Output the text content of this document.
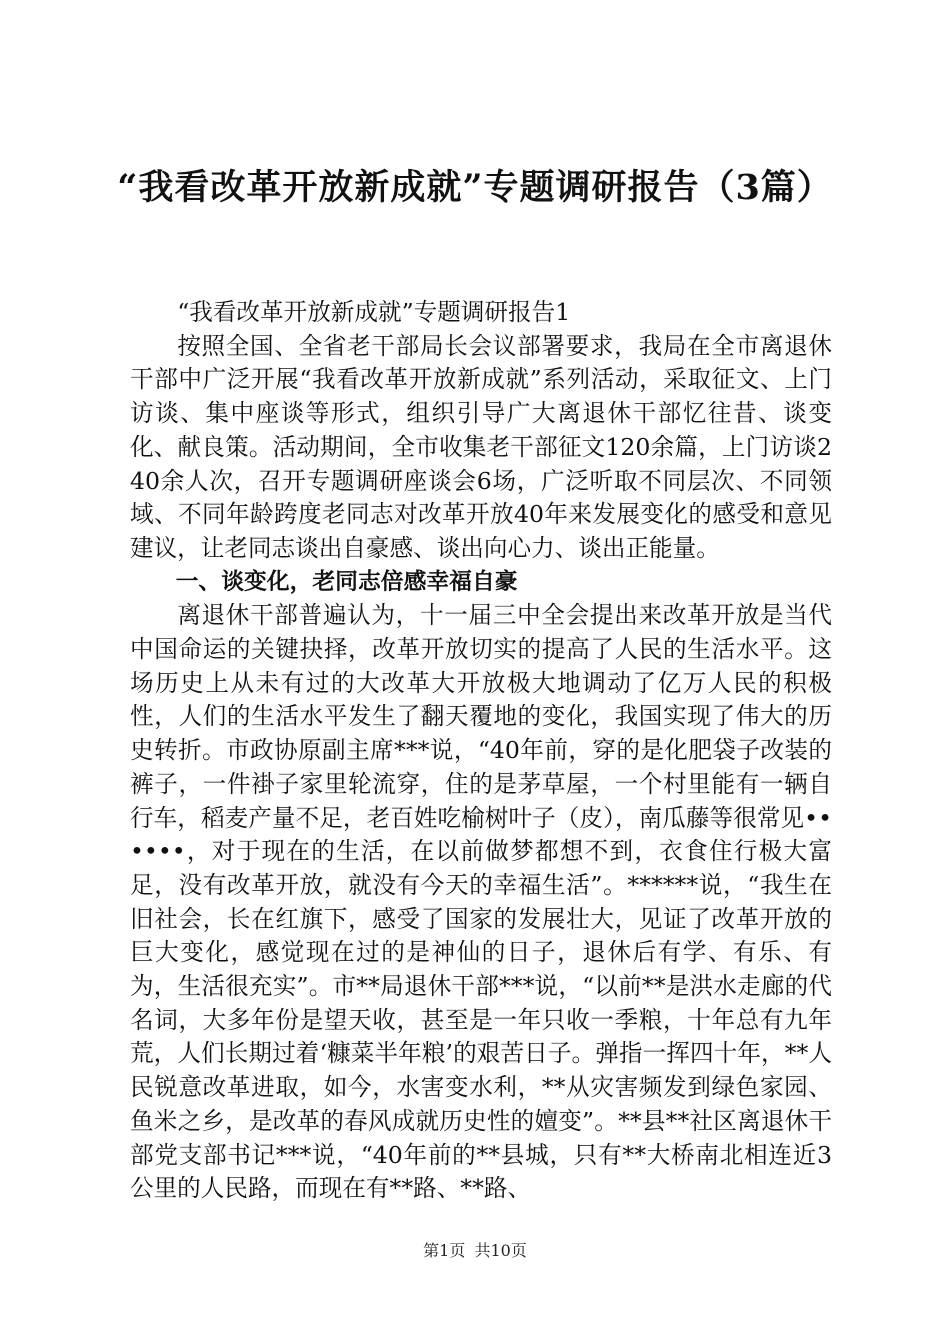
“我看改革开放新成就”专题调研报告（3篇）

“我看改革开放新成就”专题调研报告1

按照全国、全省老干部局长会议部署要求，我局在全市离退休干部中广泛开展“我看改革开放新成就”系列活动，采取征文、上门访谈、集中座谈等形式，组织引导广大离退休干部忆往昔、谈变化、献良策。活动期间，全市收集老干部征文120余篇，上门访谈240余人次，召开专题调研座谈会6场，广泛听取不同层次、不同领域、不同年龄跨度老同志对改革开放40年来发展变化的感受和意见建议，让老同志谈出自豪感、谈出向心力、谈出正能量。

一、谈变化，老同志倍感幸福自豪

离退休干部普遍认为，十一届三中全会提出来改革开放是当代中国命运的关键抉择，改革开放切实的提高了人民的生活水平。这场历史上从未有过的大改革大开放极大地调动了亿万人民的积极性，人们的生活水平发生了翻天覆地的变化，我国实现了伟大的历史转折。市政协原副主席***说，“40年前，穿的是化肥袋子改装的裤子，一件褂子家里轮流穿，住的是茅草屋，一个村里能有一辆自行车，稻麦产量不足，老百姓吃榆树叶子（皮），南瓜藤等很常见••••••，对于现在的生活，在以前做梦都想不到，衣食住行极大富足，没有改革开放，就没有今天的幸福生活”。******说，“我生在旧社会，长在红旗下，感受了国家的发展壮大，见证了改革开放的巨大变化，感觉现在过的是神仙的日子，退休后有学、有乐、有为，生活很充实”。市**局退休干部***说，“以前**是洪水走廊的代名词，大多年份是望天收，甚至是一年只收一季粮，十年总有九年荒，人们长期过着‘糠菜半年粮’的艰苦日子。弹指一挥四十年，**人民锐意改革进取，如今，水害变水利，**从灾害频发到绿色家园、鱼米之乡，是改革的春风成就历史性的嬗变”。**县**社区离退休干部党支部书记***说，“40年前的**县城，只有**大桥南北相连近3公里的人民路，而现在有**路、**路、

第1页 共10页
